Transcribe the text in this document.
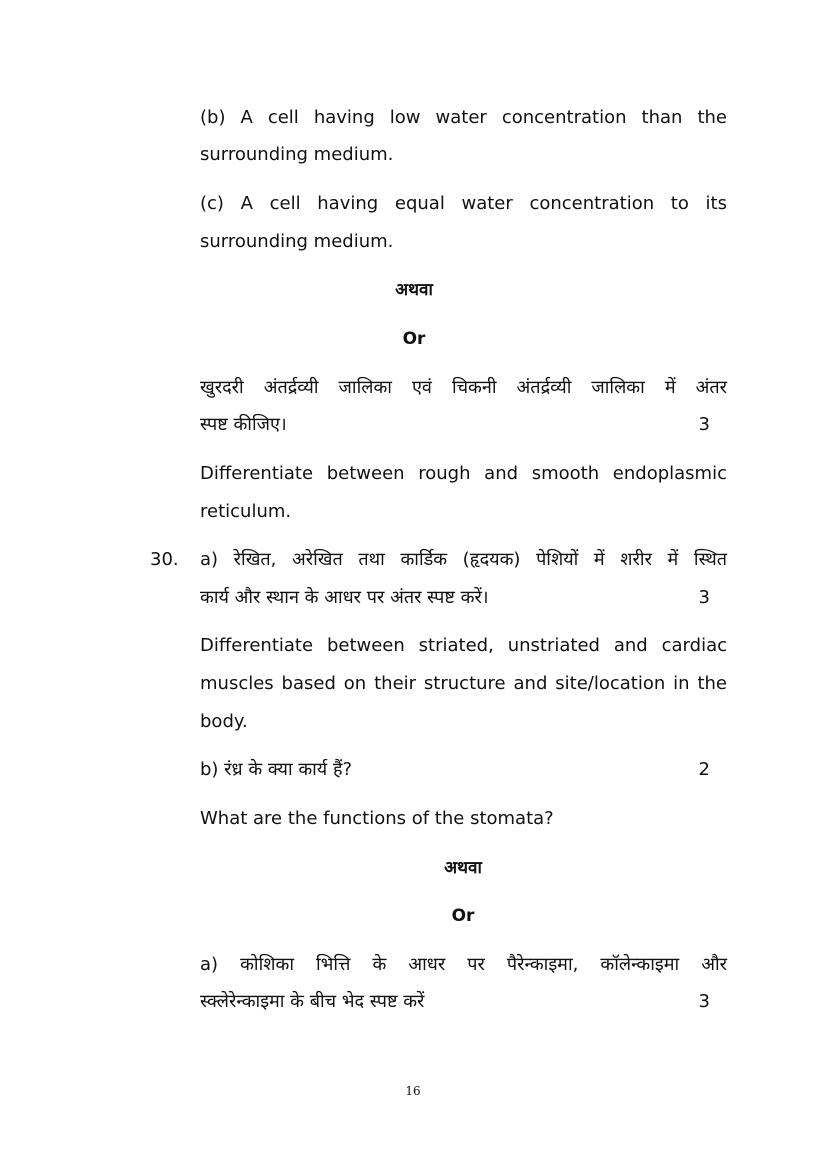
(b) A cell having low water concentration than the
surrounding medium.
(c) A cell having equal water concentration to its
surrounding medium.
अथवा
Or
खुरदरी अंतर्द्रव्यी जालिका एवं चिकनी अंतर्द्रव्यी जालिका में अंतर
स्पष्ट कीजिए।	3
Differentiate between rough and smooth endoplasmic
reticulum.
30. a) रेखित, अरेखित तथा कार्डिक (हृदयक) पेशियों में शरीर में स्थित
कार्य और स्थान के आधर पर अंतर स्पष्ट करें।	3
Differentiate between striated, unstriated and cardiac
muscles based on their structure and site/location in the
body.
b) रंध्र के क्या कार्य हैं?	2
What are the functions of the stomata?
अथवा
Or
a) कोशिका भित्ति के आधर पर पैरेन्काइमा, कॉलेन्काइमा और
स्क्लेरेन्काइमा के बीच भेद स्पष्ट करें	3
16
